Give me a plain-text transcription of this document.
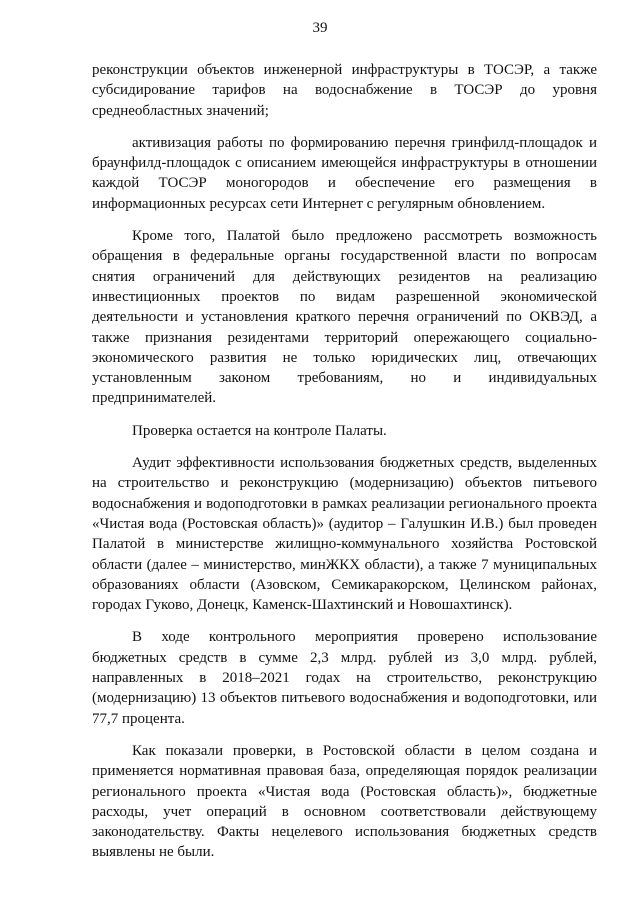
39

реконструкции объектов инженерной инфраструктуры в ТОСЭР, а также субсидирование тарифов на водоснабжение в ТОСЭР до уровня среднеобластных значений;

активизация работы по формированию перечня гринфилд-площадок и браунфилд-площадок с описанием имеющейся инфраструктуры в отношении каждой ТОСЭР моногородов и обеспечение его размещения в информационных ресурсах сети Интернет с регулярным обновлением.

Кроме того, Палатой было предложено рассмотреть возможность обращения в федеральные органы государственной власти по вопросам снятия ограничений для действующих резидентов на реализацию инвестиционных проектов по видам разрешенной экономической деятельности и установления краткого перечня ограничений по ОКВЭД, а также признания резидентами территорий опережающего социально-экономического развития не только юридических лиц, отвечающих установленным законом требованиям, но и индивидуальных предпринимателей.

Проверка остается на контроле Палаты.

Аудит эффективности использования бюджетных средств, выделенных на строительство и реконструкцию (модернизацию) объектов питьевого водоснабжения и водоподготовки в рамках реализации регионального проекта «Чистая вода (Ростовская область)» (аудитор – Галушкин И.В.) был проведен Палатой в министерстве жилищно-коммунального хозяйства Ростовской области (далее – министерство, минЖКХ области), а также 7 муниципальных образованиях области (Азовском, Семикаракорском, Целинском районах, городах Гуково, Донецк, Каменск-Шахтинский и Новошахтинск).

В ходе контрольного мероприятия проверено использование бюджетных средств в сумме 2,3 млрд. рублей из 3,0 млрд. рублей, направленных в 2018–2021 годах на строительство, реконструкцию (модернизацию) 13 объектов питьевого водоснабжения и водоподготовки, или 77,7 процента.

Как показали проверки, в Ростовской области в целом создана и применяется нормативная правовая база, определяющая порядок реализации регионального проекта «Чистая вода (Ростовская область)», бюджетные расходы, учет операций в основном соответствовали действующему законодательству. Факты нецелевого использования бюджетных средств выявлены не были.
